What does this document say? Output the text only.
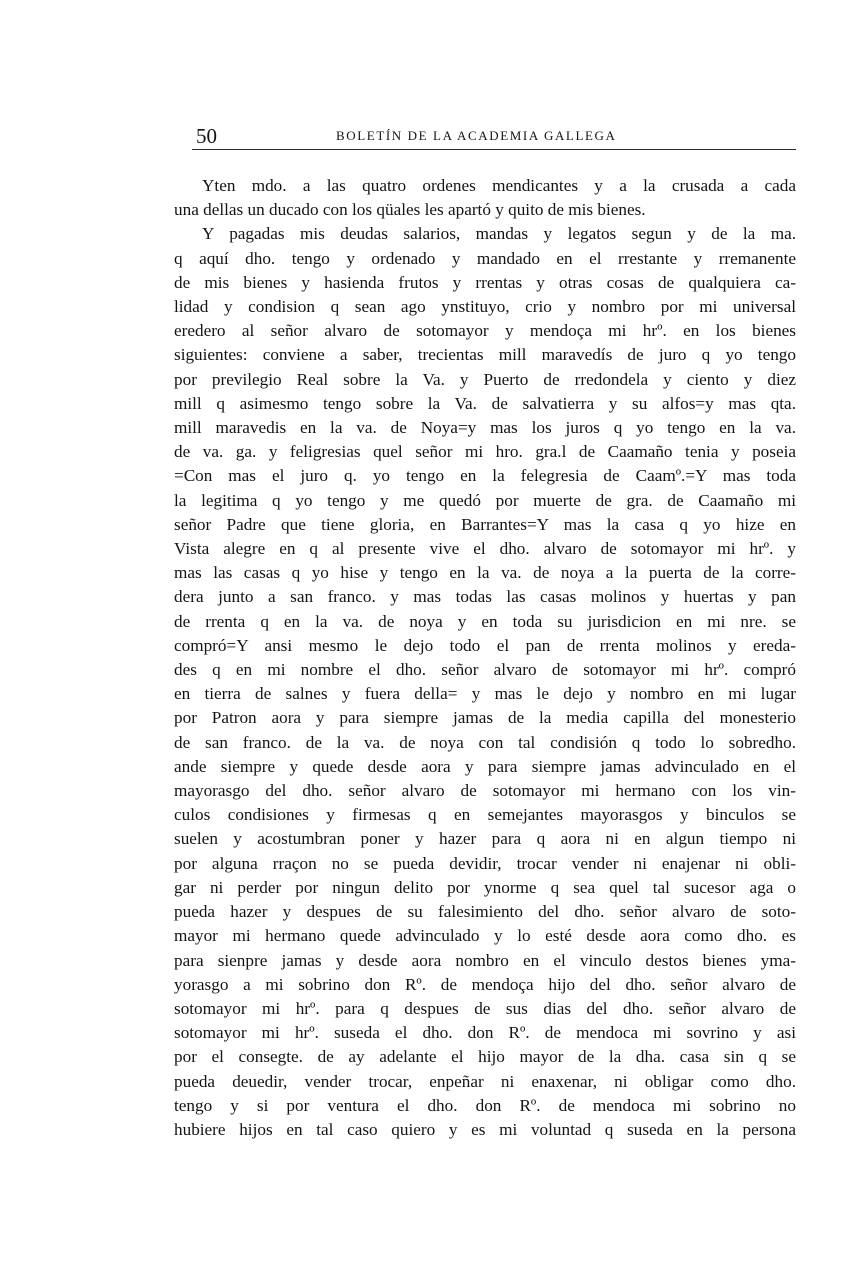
50	BOLETÍN DE LA ACADEMIA GALLEGA
Yten mdo. a las quatro ordenes mendicantes y a la crusada a cada
una dellas un ducado con los qüales les apartó y quito de mis bienes.
Y pagadas mis deudas salarios, mandas y legatos segun y de la ma.
q aquí dho. tengo y ordenado y mandado en el rrestante y rremanente
de mis bienes y hasienda frutos y rrentas y otras cosas de qualquiera ca-
lidad y condision q sean ago ynstituyo, crio y nombro por mi universal
eredero al señor alvaro de sotomayor y mendoça mi hrº. en los bienes
siguientes: conviene a saber, trecientas mill maravedís de juro q yo tengo
por previlegio Real sobre la Va. y Puerto de rredondela y ciento y diez
mill q asimesmo tengo sobre la Va. de salvatierra y su alfos=y mas qta.
mill maravedis en la va. de Noya=y mas los juros q yo tengo en la va.
de va. ga. y feligresias quel señor mi hro. gra.l de Caamaño tenia y poseia
=Con mas el juro q. yo tengo en la felegresia de Caamº.=Y mas toda
la legitima q yo tengo y me quedó por muerte de gra. de Caamaño mi
señor Padre que tiene gloria, en Barrantes=Y mas la casa q yo hize en
Vista alegre en q al presente vive el dho. alvaro de sotomayor mi hrº. y
mas las casas q yo hise y tengo en la va. de noya a la puerta de la corre-
dera junto a san franco. y mas todas las casas molinos y huertas y pan
de rrenta q en la va. de noya y en toda su jurisdicion en mi nre. se
compró=Y ansi mesmo le dejo todo el pan de rrenta molinos y ereda-
des q en mi nombre el dho. señor alvaro de sotomayor mi hrº. compró
en tierra de salnes y fuera della= y mas le dejo y nombro en mi lugar
por Patron aora y para siempre jamas de la media capilla del monesterio
de san franco. de la va. de noya con tal condisión q todo lo sobredho.
ande siempre y quede desde aora y para siempre jamas advinculado en el
mayorasgo del dho. señor alvaro de sotomayor mi hermano con los vin-
culos condisiones y firmesas q en semejantes mayorasgos y binculos se
suelen y acostumbran poner y hazer para q aora ni en algun tiempo ni
por alguna rraçon no se pueda devidir, trocar vender ni enajenar ni obli-
gar ni perder por ningun delito por ynorme q sea quel tal sucesor aga o
pueda hazer y despues de su falesimiento del dho. señor alvaro de soto-
mayor mi hermano quede advinculado y lo esté desde aora como dho. es
para sienpre jamas y desde aora nombro en el vinculo destos bienes yma-
yorasgo a mi sobrino don Rº. de mendoça hijo del dho. señor alvaro de
sotomayor mi hrº. para q despues de sus dias del dho. señor alvaro de
sotomayor mi hrº. suseda el dho. don Rº. de mendoca mi sovrino y asi
por el consegte. de ay adelante el hijo mayor de la dha. casa sin q se
pueda deuedir, vender trocar, enpeñar ni enaxenar, ni obligar como dho.
tengo y si por ventura el dho. don Rº. de mendoca mi sobrino no
hubiere hijos en tal caso quiero y es mi voluntad q suseda en la persona
